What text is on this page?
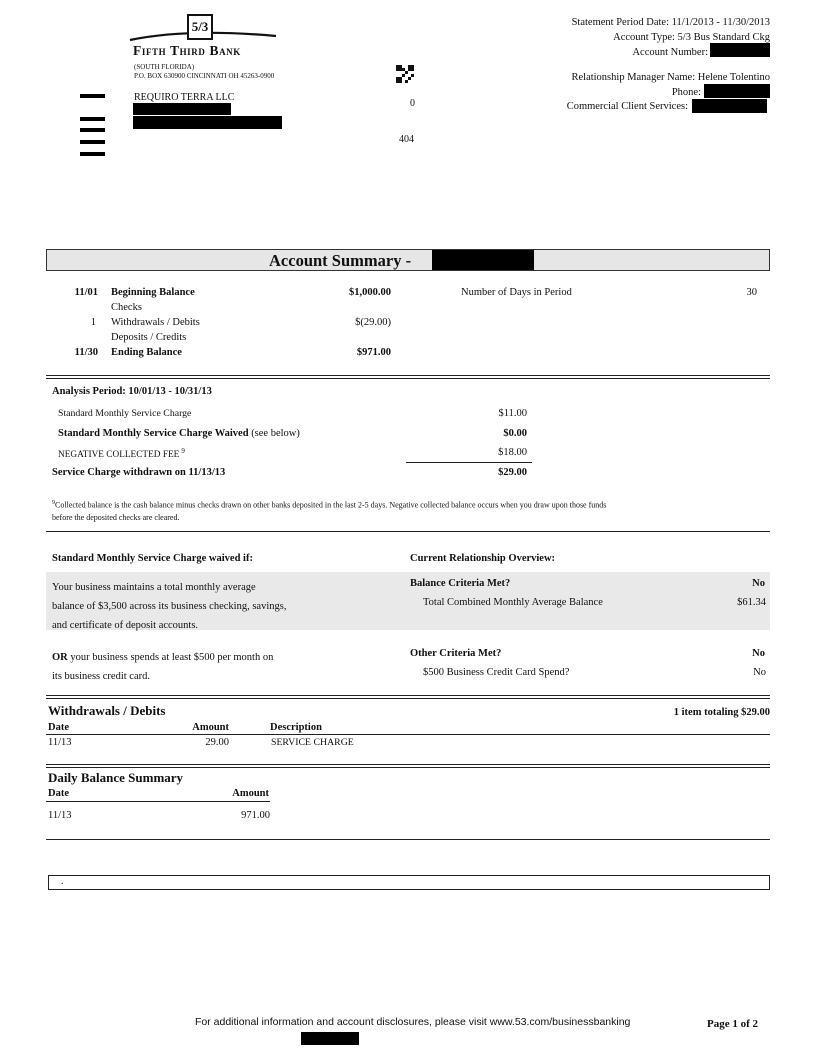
5/3
Fifth Third Bank
(SOUTH FLORIDA)
P.O. BOX 630900 CINCINNATI OH 45263-0900
REQUIRO TERRA LLC
0
404
Statement Period Date: 11/1/2013 - 11/30/2013
Account Type: 5/3 Bus Standard Ckg
Account Number:
Relationship Manager Name: Helene Tolentino
Phone:
Commercial Client Services:
Account Summary -
11/01 Beginning Balance	$1,000.00
Checks
1 Withdrawals / Debits	$(29.00)
Deposits / Credits
11/30 Ending Balance	$971.00
Number of Days in Period	30
Analysis Period: 10/01/13 - 10/31/13
Standard Monthly Service Charge	$11.00
Standard Monthly Service Charge Waived (see below)	$0.00
NEGATIVE COLLECTED FEE $^9$	$18.00
Service Charge withdrawn on 11/13/13	$29.00
$^9$Collected balance is the cash balance minus checks drawn on other banks deposited in the last 2-5 days. Negative collected balance occurs when you draw upon those funds
before the deposited checks are cleared.
Standard Monthly Service Charge waived if:	Current Relationship Overview:
Your business maintains a total monthly average
balance of $3,500 across its business checking, savings,
and certificate of deposit accounts.
Balance Criteria Met?	No
Total Combined Monthly Average Balance	$61.34
OR your business spends at least $500 per month on
its business credit card.
Other Criteria Met?	No
$500 Business Credit Card Spend?	No
Withdrawals / Debits	1 item totaling $29.00
Date	Amount	Description
11/13	29.00	SERVICE CHARGE
Daily Balance Summary
Date	Amount
11/13	971.00
.
For additional information and account disclosures, please visit www.53.com/businessbanking	Page 1 of 2
